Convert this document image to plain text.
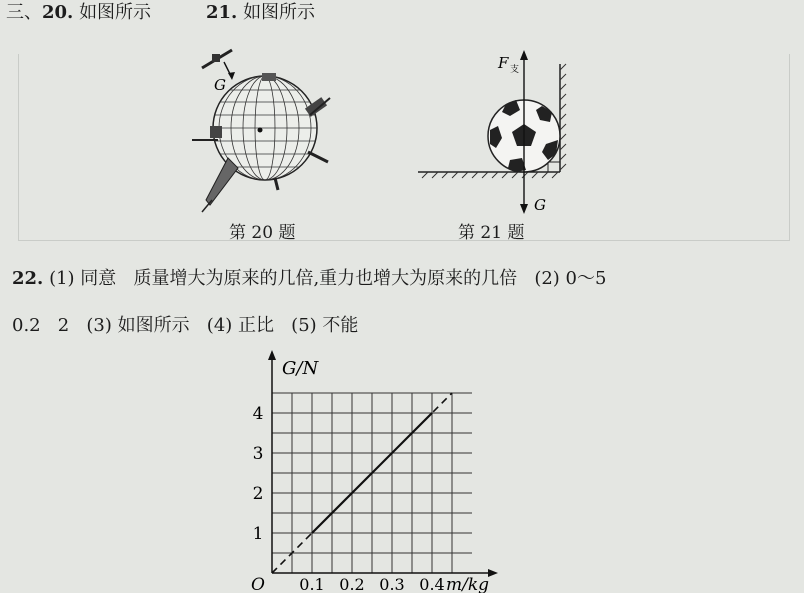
三、20. 如图所示	21. 如图所示
G
第 20 题
F 支
G
第 21 题
22. (1) 同意   质量增大为原来的几倍,重力也增大为原来的几倍   (2) 0～5
0.2   2   (3) 如图所示   (4) 正比   (5) 不能
1
2
3
4
0.1 0.2 0.3 0.4
G/N
m/kg
O
